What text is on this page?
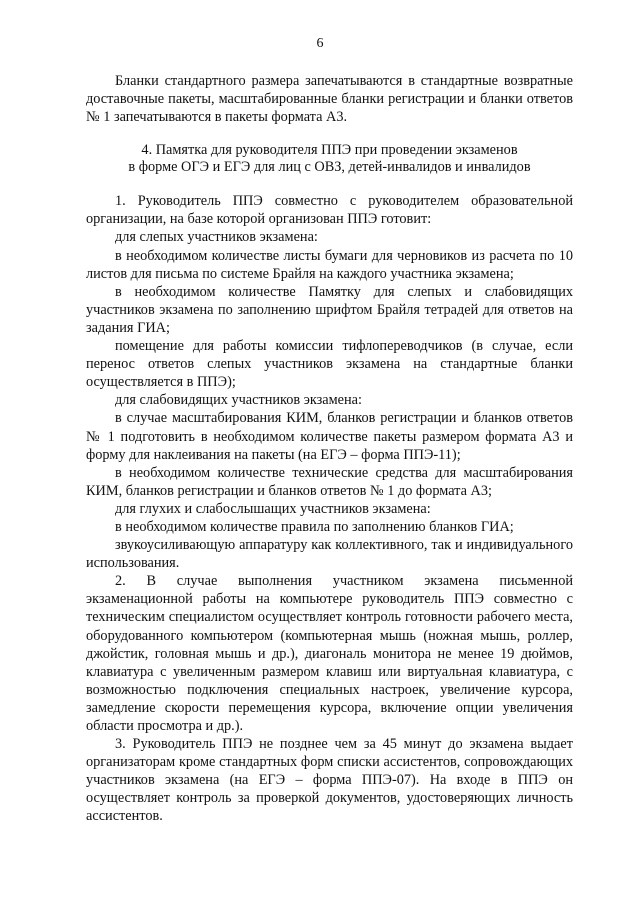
6

Бланки стандартного размера запечатываются в стандартные возвратные доставочные пакеты, масштабированные бланки регистрации и бланки ответов № 1 запечатываются в пакеты формата А3.

4. Памятка для руководителя ППЭ при проведении экзаменов
в форме ОГЭ и ЕГЭ для лиц с ОВЗ, детей-инвалидов и инвалидов

1. Руководитель ППЭ совместно с руководителем образовательной организации, на базе которой организован ППЭ готовит:

для слепых участников экзамена:

в необходимом количестве листы бумаги для черновиков из расчета по 10 листов для письма по системе Брайля на каждого участника экзамена;

в необходимом количестве Памятку для слепых и слабовидящих участников экзамена по заполнению шрифтом Брайля тетрадей для ответов на задания ГИА;

помещение для работы комиссии тифлопереводчиков (в случае, если перенос ответов слепых участников экзамена на стандартные бланки осуществляется в ППЭ);

для слабовидящих участников экзамена:

в случае масштабирования КИМ, бланков регистрации и бланков ответов № 1 подготовить в необходимом количестве пакеты размером формата А3 и форму для наклеивания на пакеты (на ЕГЭ – форма ППЭ-11);

в необходимом количестве технические средства для масштабирования КИМ, бланков регистрации и бланков ответов № 1 до формата А3;

для глухих и слабослышащих участников экзамена:

в необходимом количестве правила по заполнению бланков ГИА;

звукоусиливающую аппаратуру как коллективного, так и индивидуального использования.

2. В случае выполнения участником экзамена письменной экзаменационной работы на компьютере руководитель ППЭ совместно с техническим специалистом осуществляет контроль готовности рабочего места, оборудованного компьютером (компьютерная мышь (ножная мышь, роллер, джойстик, головная мышь и др.), диагональ монитора не менее 19 дюймов, клавиатура с увеличенным размером клавиш или виртуальная клавиатура, с возможностью подключения специальных настроек, увеличение курсора, замедление скорости перемещения курсора, включение опции увеличения области просмотра и др.).

3. Руководитель ППЭ не позднее чем за 45 минут до экзамена выдает организаторам кроме стандартных форм списки ассистентов, сопровождающих участников экзамена (на ЕГЭ – форма ППЭ-07). На входе в ППЭ он осуществляет контроль за проверкой документов, удостоверяющих личность ассистентов.
